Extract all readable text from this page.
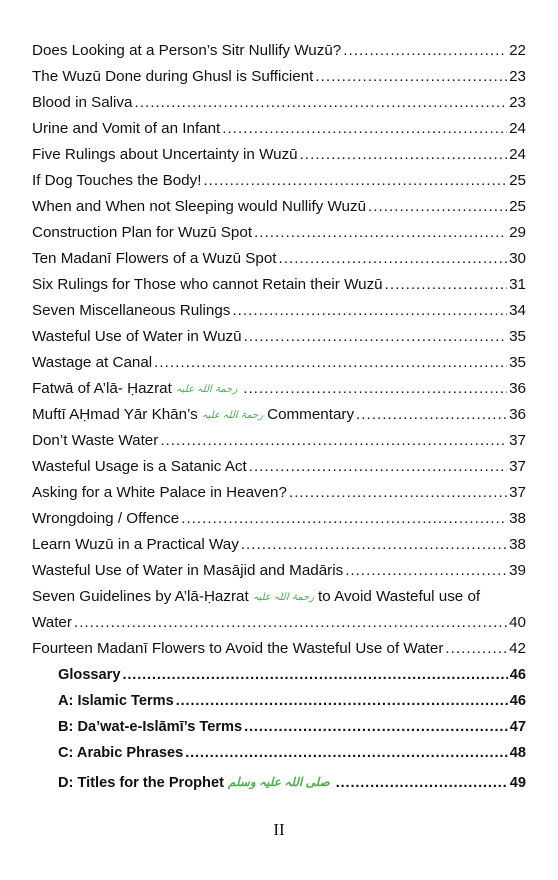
Does Looking at a Person’s Sitr Nullify Wuzū? . . .	22
The Wuzū Done during Ghusl is Sufficient . . .	23
Blood in Saliva . . .	23
Urine and Vomit of an Infant . . .	24
Five Rulings about Uncertainty in Wuzū . . .	24
If Dog Touches the Body! . . .	25
When and When not Sleeping would Nullify Wuzū . . .	25
Construction Plan for Wuzū Spot . . .	29
Ten Madanī Flowers of a Wuzū Spot . . .	30
Six Rulings for Those who cannot Retain their Wuzū . . .	31
Seven Miscellaneous Rulings . . .	34
Wasteful Use of Water in Wuzū . . .	35
Wastage at Canal . . .	35
Fatwā of A’lā- Ḥazrat رحمۃ اللہ علیہ . . .	36
Muftī AḤmad Yār Khān’s رحمۃ اللہ علیہ Commentary . . .	36
Don’t Waste Water . . .	37
Wasteful Usage is a Satanic Act . . .	37
Asking for a White Palace in Heaven? . . .	37
Wrongdoing / Offence . . .	38
Learn Wuzū in a Practical Way . . .	38
Wasteful Use of Water in Masājid and Madāris . . .	39
Seven Guidelines by A’lā-Ḥazrat رحمۃ اللہ علیہ to Avoid Wasteful use of
Water . . .	40
Fourteen Madanī Flowers to Avoid the Wasteful Use of Water . . .	42
Glossary . . .	46
A: Islamic Terms . . .	46
B: Da’wat-e-Islāmī’s Terms . . .	47
C: Arabic Phrases . . .	48
D: Titles for the Prophet صلی اللہ علیہ وسلم . . .	49
II
